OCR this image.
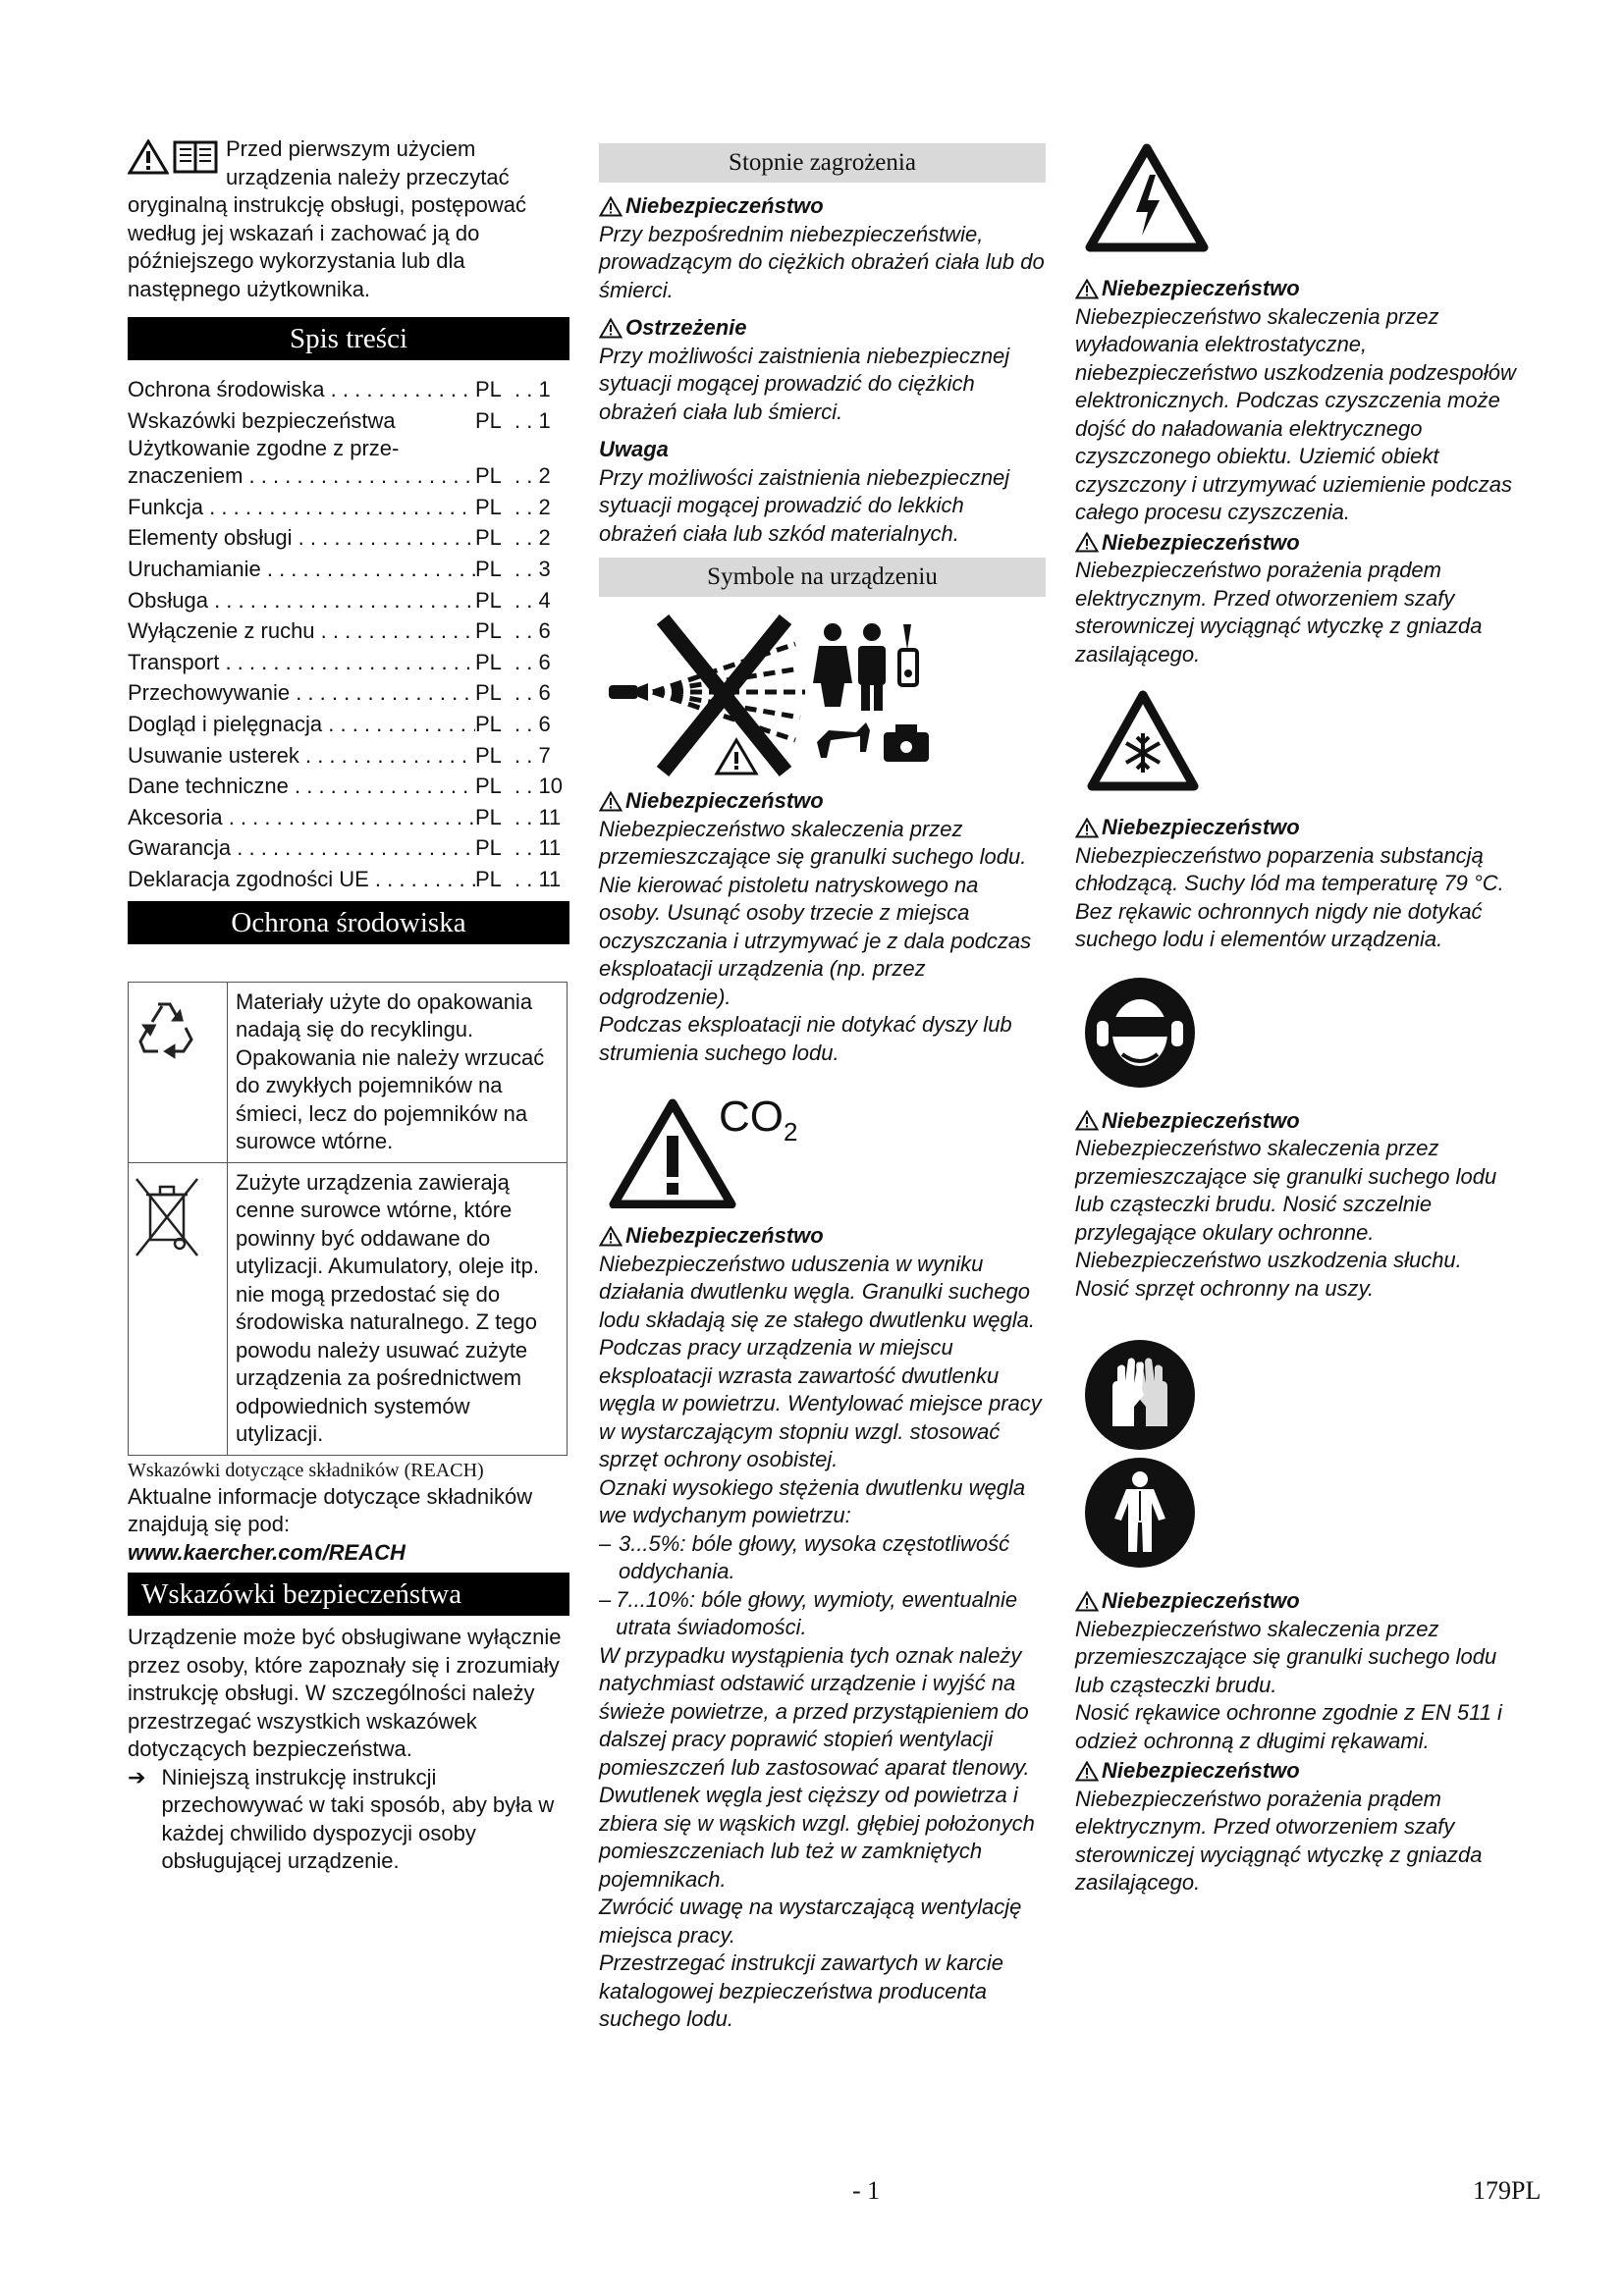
Przed pierwszym użyciem urządzenia należy przeczytać oryginalną instrukcję obsługi, postępować według jej wskazań i zachować ją do późniejszego wykorzystania lub dla następnego użytkownika.

Spis treści
Ochrona środowiska . . .	PL	. . 1
Wskazówki bezpieczeństwa	PL	. . 1
Użytkowanie zgodne z prze-
znaczeniem . . .	PL	. . 2
Funkcja . . .	PL	. . 2
Elementy obsługi . . .	PL	. . 2
Uruchamianie . . .	PL	. . 3
Obsługa . . .	PL	. . 4
Wyłączenie z ruchu . . .	PL	. . 6
Transport . . .	PL	. . 6
Przechowywanie . . .	PL	. . 6
Dogląd i pielęgnacja . . .	PL	. . 6
Usuwanie usterek . . .	PL	. . 7
Dane techniczne . . .	PL	. . 10
Akcesoria . . .	PL	. . 11
Gwarancja . . .	PL	. . 11
Deklaracja zgodności UE . . .	PL	. . 11
Ochrona środowiska
	Materiały użyte do opakowania nadają się do recyklingu. Opakowania nie należy wrzucać do zwykłych pojemników na śmieci, lecz do pojemników na surowce wtórne.

	Zużyte urządzenia zawierają cenne surowce wtórne, które powinny być oddawane do utylizacji. Akumulatory, oleje itp. nie mogą przedostać się do środowiska naturalnego. Z tego powodu należy usuwać zużyte urządzenia za pośrednictwem odpowiednich systemów utylizacji.

Wskazówki dotyczące składników (REACH)

Aktualne informacje dotyczące składników znajdują się pod:

www.kaercher.com/REACH

Wskazówki bezpieczeństwa

Urządzenie może być obsługiwane wyłącznie przez osoby, które zapoznały się i zrozumiały instrukcję obsługi. W szczególności należy przestrzegać wszystkich wskazówek dotyczących bezpieczeństwa.

➔ Niniejszą instrukcję instrukcji przechowywać w taki sposób, aby była w każdej chwilido dyspozycji osoby obsługującej urządzenie.
Stopnie zagrożenia
Niebezpieczeństwo

Przy bezpośrednim niebezpieczeństwie, prowadzącym do ciężkich obrażeń ciała lub do śmierci.

Ostrzeżenie

Przy możliwości zaistnienia niebezpiecznej sytuacji mogącej prowadzić do ciężkich obrażeń ciała lub śmierci.

Uwaga

Przy możliwości zaistnienia niebezpiecznej sytuacji mogącej prowadzić do lekkich obrażeń ciała lub szkód materialnych.

Symbole na urządzeniu
Niebezpieczeństwo

Niebezpieczeństwo skaleczenia przez przemieszczające się granulki suchego lodu. Nie kierować pistoletu natryskowego na osoby. Usunąć osoby trzecie z miejsca oczyszczania i utrzymywać je z dala podczas eksploatacji urządzenia (np. przez odgrodzenie).

Podczas eksploatacji nie dotykać dyszy lub strumienia suchego lodu.

$CO_2$
Niebezpieczeństwo

Niebezpieczeństwo uduszenia w wyniku działania dwutlenku węgla. Granulki suchego lodu składają się ze stałego dwutlenku węgla. Podczas pracy urządzenia w miejscu eksploatacji wzrasta zawartość dwutlenku węgla w powietrzu. Wentylować miejsce pracy w wystarczającym stopniu wzgl. stosować sprzęt ochrony osobistej.

Oznaki wysokiego stężenia dwutlenku węgla we wdychanym powietrzu:

– 3...5%: bóle głowy, wysoka częstotliwość oddychania.
– 7...10%: bóle głowy, wymioty, ewentualnie utrata świadomości.

W przypadku wystąpienia tych oznak należy natychmiast odstawić urządzenie i wyjść na świeże powietrze, a przed przystąpieniem do dalszej pracy poprawić stopień wentylacji pomieszczeń lub zastosować aparat tlenowy.

Dwutlenek węgla jest cięższy od powietrza i zbiera się w wąskich wzgl. głębiej położonych pomieszczeniach lub też w zamkniętych pojemnikach.

Zwrócić uwagę na wystarczającą wentylację miejsca pracy.

Przestrzegać instrukcji zawartych w karcie katalogowej bezpieczeństwa producenta suchego lodu.

Niebezpieczeństwo

Niebezpieczeństwo skaleczenia przez wyładowania elektrostatyczne, niebezpieczeństwo uszkodzenia podzespołów elektronicznych. Podczas czyszczenia może dojść do naładowania elektrycznego czyszczonego obiektu. Uziemić obiekt czyszczony i utrzymywać uziemienie podczas całego procesu czyszczenia.

Niebezpieczeństwo

Niebezpieczeństwo porażenia prądem elektrycznym. Przed otworzeniem szafy sterowniczej wyciągnąć wtyczkę z gniazda zasilającego.

Niebezpieczeństwo

Niebezpieczeństwo poparzenia substancją chłodzącą. Suchy lód ma temperaturę 79 °C. Bez rękawic ochronnych nigdy nie dotykać suchego lodu i elementów urządzenia.

Niebezpieczeństwo

Niebezpieczeństwo skaleczenia przez przemieszczające się granulki suchego lodu lub cząsteczki brudu. Nosić szczelnie przylegające okulary ochronne.

Niebezpieczeństwo uszkodzenia słuchu. Nosić sprzęt ochronny na uszy.

Niebezpieczeństwo

Niebezpieczeństwo skaleczenia przez przemieszczające się granulki suchego lodu lub cząsteczki brudu.

Nosić rękawice ochronne zgodnie z EN 511 i odzież ochronną z długimi rękawami.

Niebezpieczeństwo

Niebezpieczeństwo porażenia prądem elektrycznym. Przed otworzeniem szafy sterowniczej wyciągnąć wtyczkę z gniazda zasilającego.

- 1	179PL
